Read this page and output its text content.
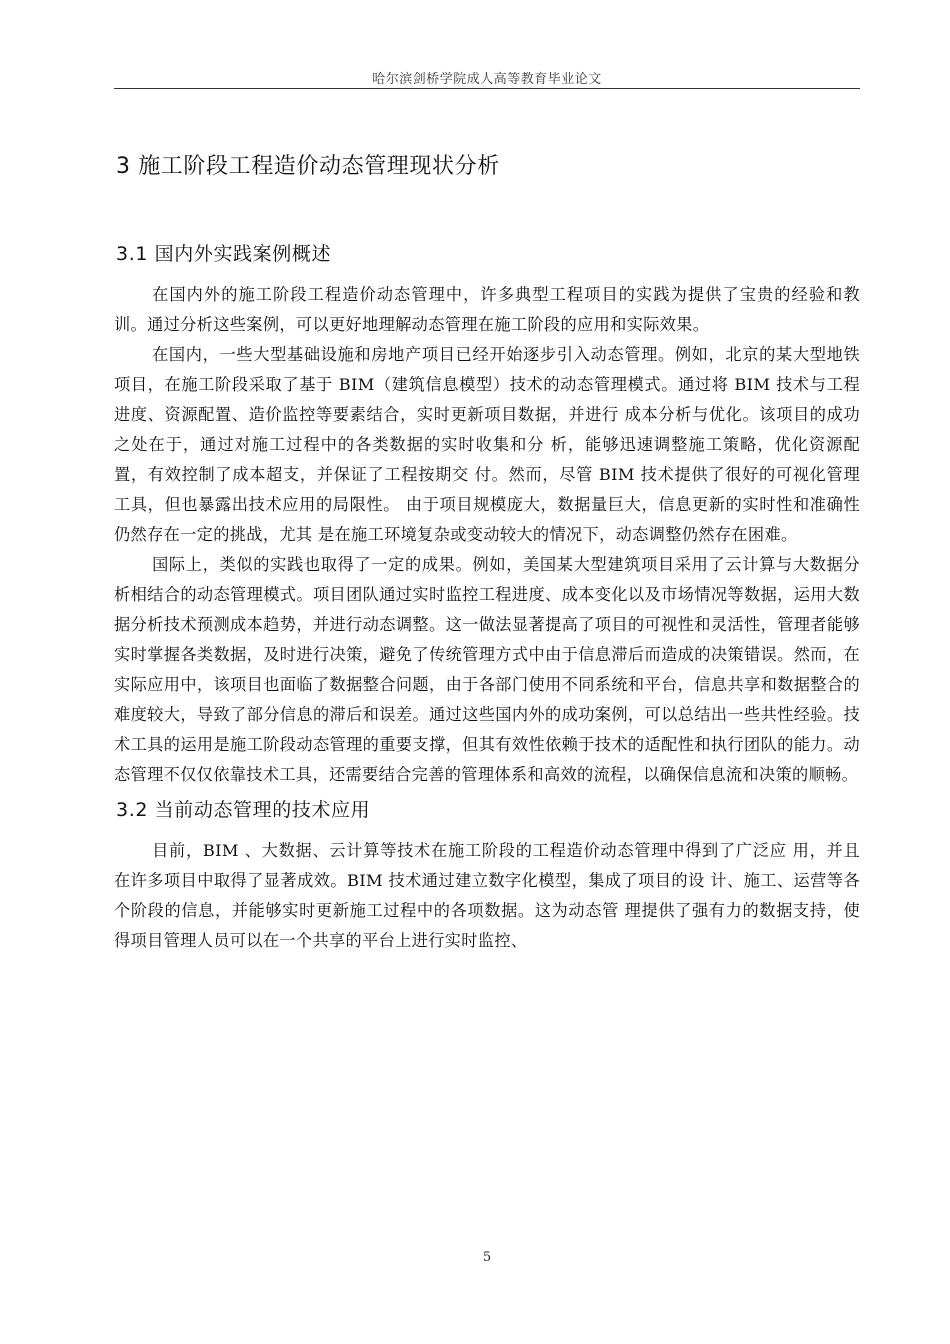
哈尔滨剑桥学院成人高等教育毕业论文
3 施工阶段工程造价动态管理现状分析
3.1 国内外实践案例概述

在国内外的施工阶段工程造价动态管理中，许多典型工程项目的实践为提供了宝贵的经验和教训。通过分析这些案例，可以更好地理解动态管理在施工阶段的应用和实际效果。

在国内，一些大型基础设施和房地产项目已经开始逐步引入动态管理。例如，北京的某大型地铁项目，在施工阶段采取了基于 BIM（建筑信息模型）技术的动态管理模式。通过将 BIM 技术与工程进度、资源配置、造价监控等要素结合，实时更新项目数据，并进行 成本分析与优化。该项目的成功之处在于，通过对施工过程中的各类数据的实时收集和分 析，能够迅速调整施工策略，优化资源配置，有效控制了成本超支，并保证了工程按期交 付。然而，尽管 BIM 技术提供了很好的可视化管理工具，但也暴露出技术应用的局限性。 由于项目规模庞大，数据量巨大，信息更新的实时性和准确性仍然存在一定的挑战，尤其 是在施工环境复杂或变动较大的情况下，动态调整仍然存在困难。

国际上，类似的实践也取得了一定的成果。例如，美国某大型建筑项目采用了云计算与大数据分析相结合的动态管理模式。项目团队通过实时监控工程进度、成本变化以及市场情况等数据，运用大数据分析技术预测成本趋势，并进行动态调整。这一做法显著提高了项目的可视性和灵活性，管理者能够实时掌握各类数据，及时进行决策，避免了传统管理方式中由于信息滞后而造成的决策错误。然而，在实际应用中，该项目也面临了数据整合问题，由于各部门使用不同系统和平台，信息共享和数据整合的难度较大，导致了部分信息的滞后和误差。通过这些国内外的成功案例，可以总结出一些共性经验。技术工具的运用是施工阶段动态管理的重要支撑，但其有效性依赖于技术的适配性和执行团队的能力。动态管理不仅仅依靠技术工具，还需要结合完善的管理体系和高效的流程，以确保信息流和决策的顺畅。

3.2 当前动态管理的技术应用

目前，BIM 、大数据、云计算等技术在施工阶段的工程造价动态管理中得到了广泛应 用，并且在许多项目中取得了显著成效。BIM 技术通过建立数字化模型，集成了项目的设 计、施工、运营等各个阶段的信息，并能够实时更新施工过程中的各项数据。这为动态管 理提供了强有力的数据支持，使得项目管理人员可以在一个共享的平台上进行实时监控、

5
